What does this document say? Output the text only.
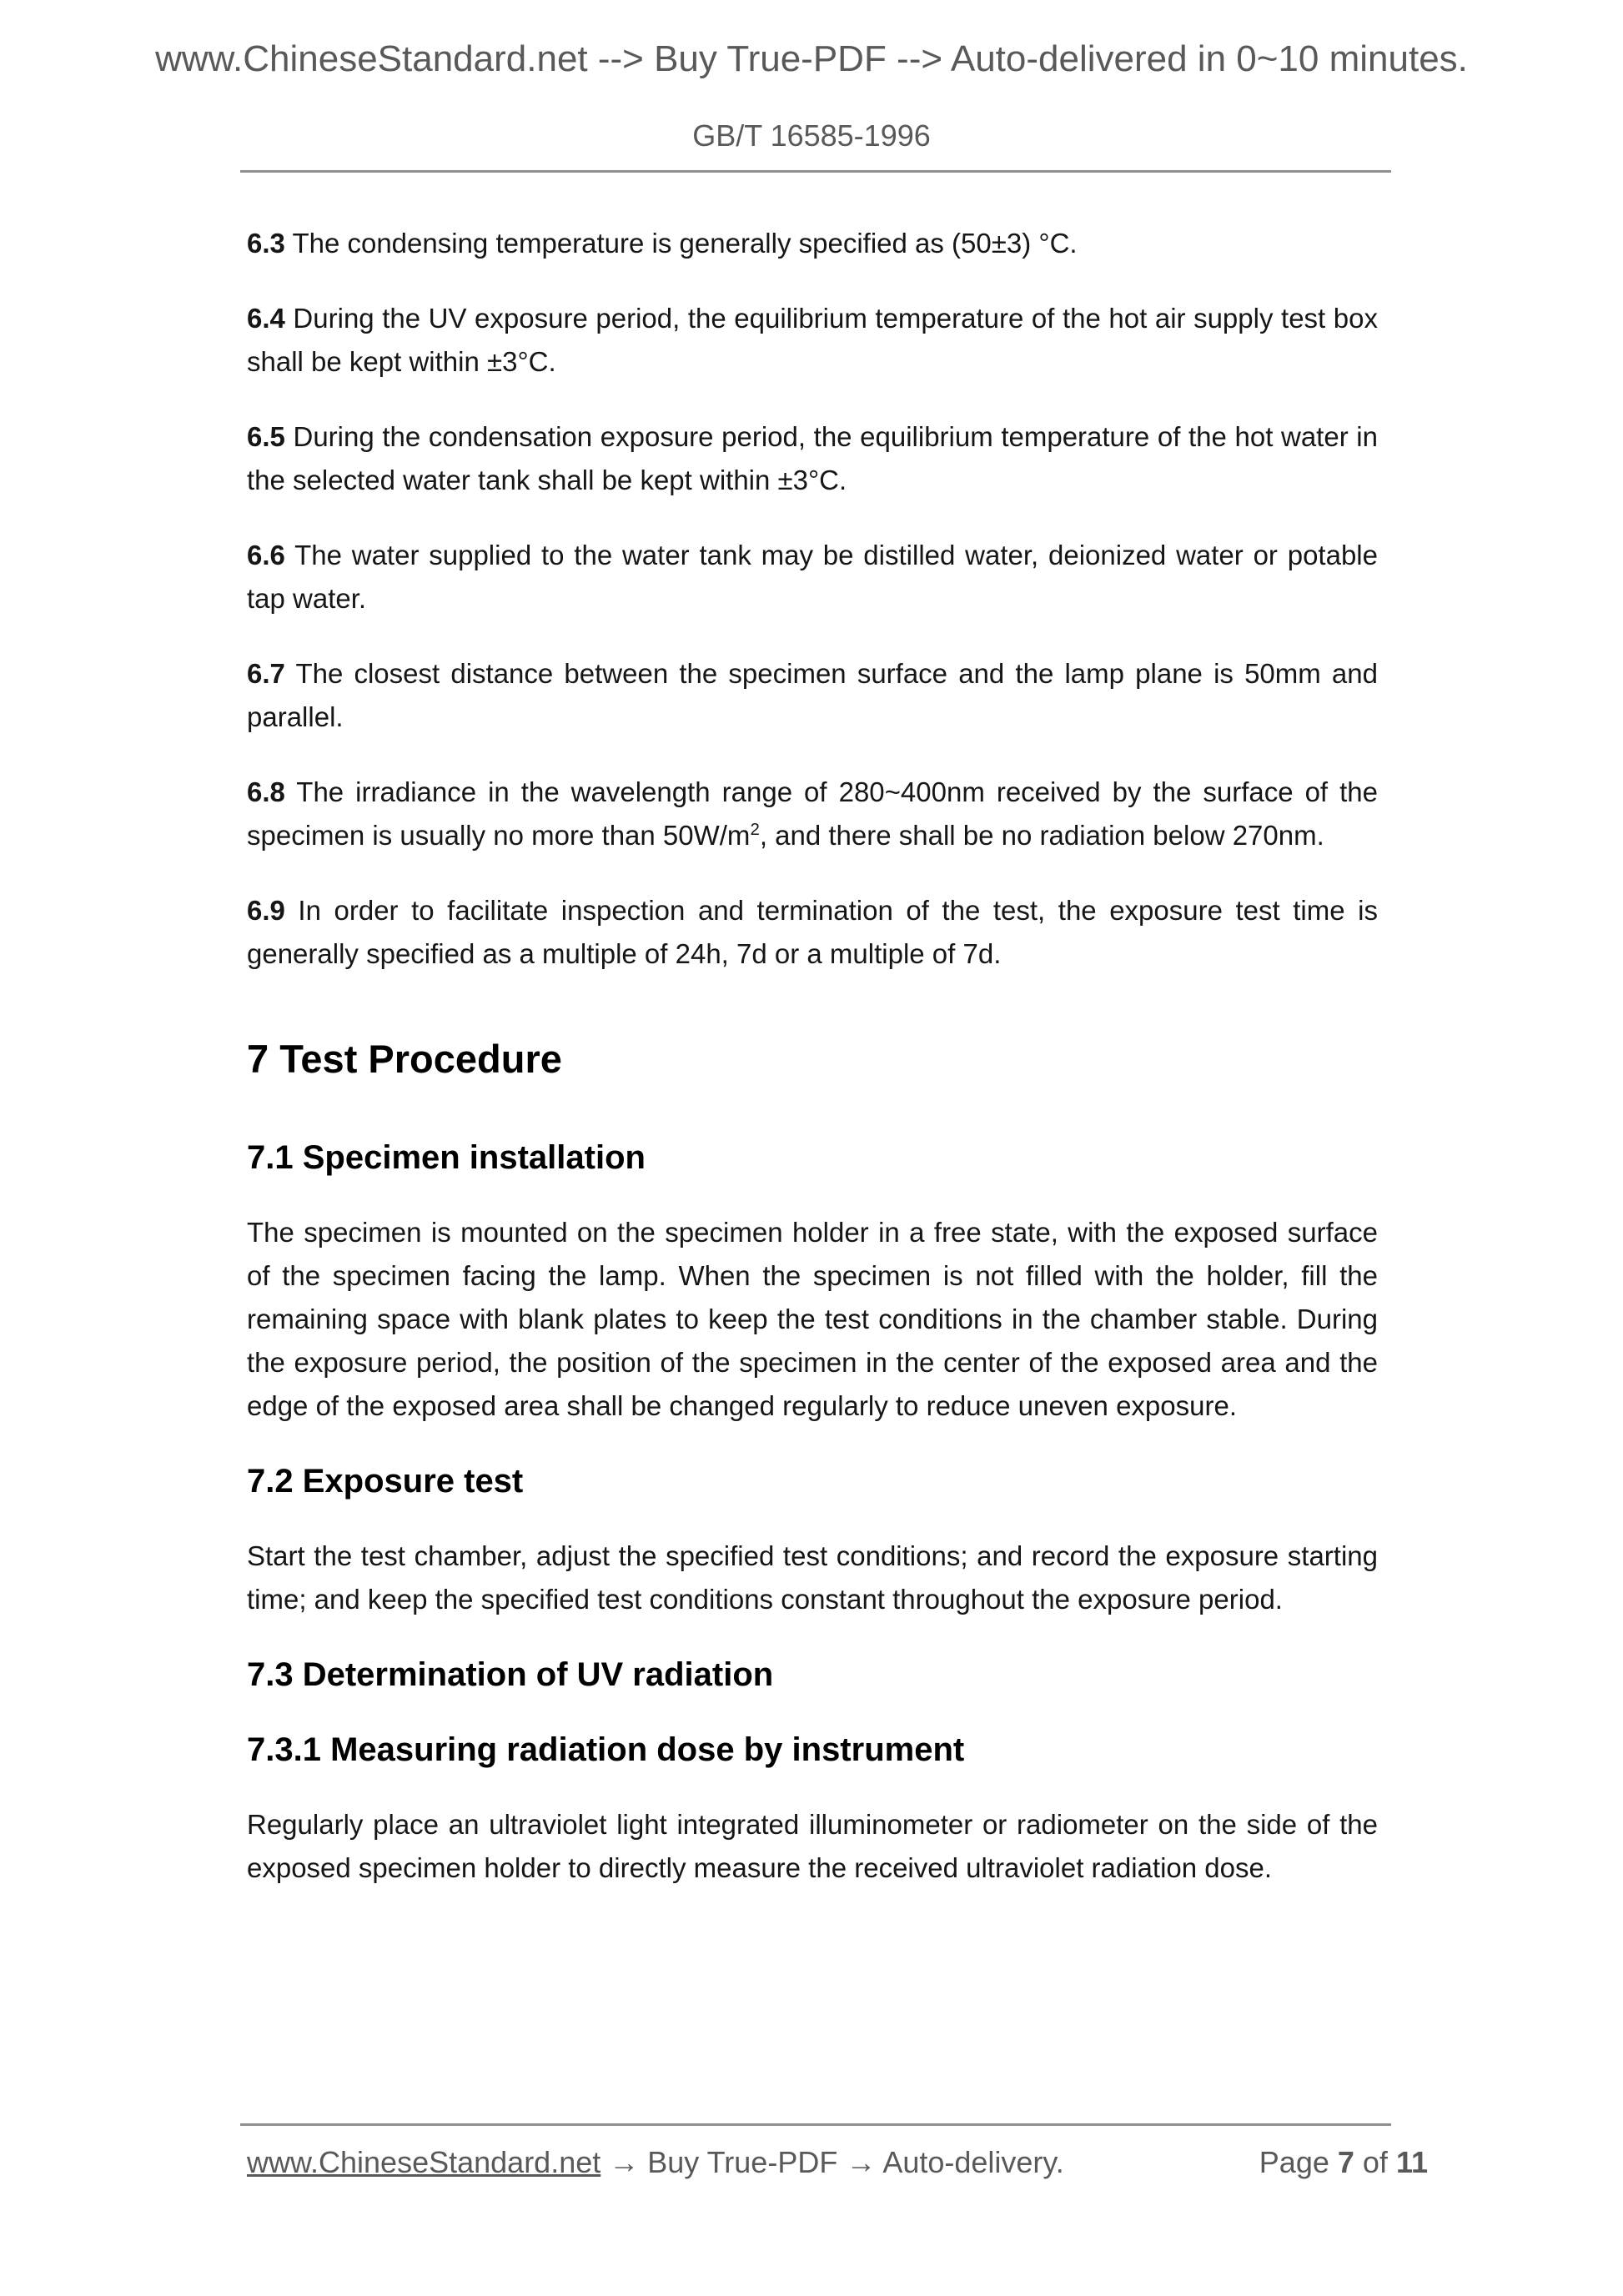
www.ChineseStandard.net --> Buy True-PDF --> Auto-delivered in 0~10 minutes.
GB/T 16585-1996

6.3 The condensing temperature is generally specified as (50±3) °C.

6.4 During the UV exposure period, the equilibrium temperature of the hot air supply test box shall be kept within ±3°C.

6.5 During the condensation exposure period, the equilibrium temperature of the hot water in the selected water tank shall be kept within ±3°C.

6.6 The water supplied to the water tank may be distilled water, deionized water or potable tap water.

6.7 The closest distance between the specimen surface and the lamp plane is 50mm and parallel.

6.8 The irradiance in the wavelength range of 280~400nm received by the surface of the specimen is usually no more than $50W/m^2$, and there shall be no radiation below 270nm.

6.9 In order to facilitate inspection and termination of the test, the exposure test time is generally specified as a multiple of 24h, 7d or a multiple of 7d.

7 Test Procedure
7.1 Specimen installation

The specimen is mounted on the specimen holder in a free state, with the exposed surface of the specimen facing the lamp. When the specimen is not filled with the holder, fill the remaining space with blank plates to keep the test conditions in the chamber stable. During the exposure period, the position of the specimen in the center of the exposed area and the edge of the exposed area shall be changed regularly to reduce uneven exposure.

7.2 Exposure test

Start the test chamber, adjust the specified test conditions; and record the exposure starting time; and keep the specified test conditions constant throughout the exposure period.

7.3 Determination of UV radiation
7.3.1 Measuring radiation dose by instrument

Regularly place an ultraviolet light integrated illuminometer or radiometer on the side of the exposed specimen holder to directly measure the received ultraviolet radiation dose.

www.ChineseStandard.net → Buy True-PDF → Auto-delivery.	Page 7 of 11
